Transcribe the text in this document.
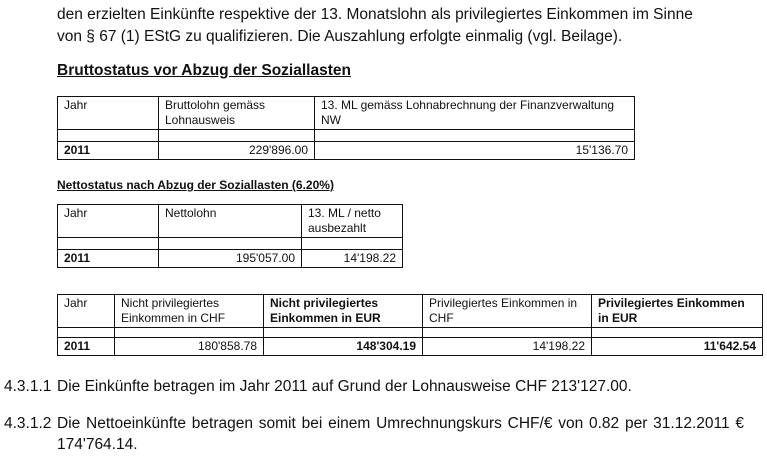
den erzielten Einkünfte respektive der 13. Monatslohn als privilegiertes Einkommen im Sinne
von § 67 (1) EStG zu qualifizieren. Die Auszahlung erfolgte einmalig (vgl. Beilage).
Bruttostatus vor Abzug der Soziallasten
Jahr	Bruttolohn gemäss Lohnausweis	13. ML gemäss Lohnabrechnung der Finanzverwaltung NW

2011	229'896.00	15'136.70
Nettostatus nach Abzug der Soziallasten (6.20%)
Jahr	Nettolohn	13. ML / netto ausbezahlt

2011	195'057.00	14'198.22
Jahr	Nicht privilegiertes Einkommen in CHF	Nicht privilegiertes Einkommen in EUR	Privilegiertes Einkommen in CHF	Privilegiertes Einkommen in EUR

2011	180'858.78	148'304.19	14'198.22	11'642.54
4.3.1.1 Die Einkünfte betragen im Jahr 2011 auf Grund der Lohnausweise CHF 213'127.00.
4.3.1.2 Die Nettoeinkünfte betragen somit bei einem Umrechnungskurs CHF/€ von 0.82 per 31.12.2011 € 174'764.14.
